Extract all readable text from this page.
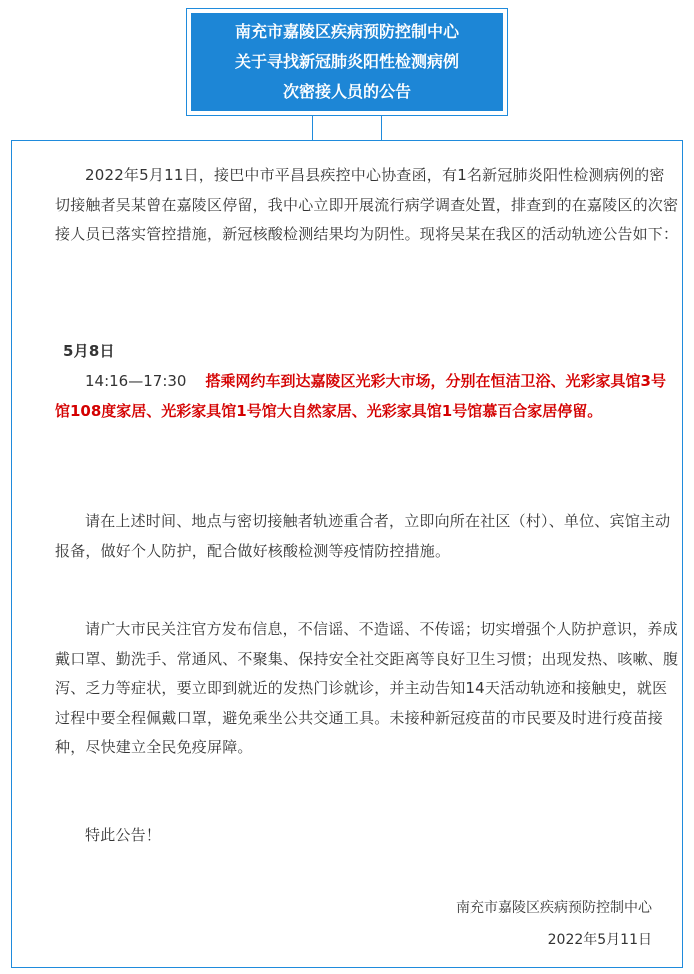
南充市嘉陵区疾病预防控制中心
关于寻找新冠肺炎阳性检测病例
次密接人员的公告
2022年5月11日，接巴中市平昌县疾控中心协查函，有1名新冠肺炎阳性检测病例的密切接触者吴某曾在嘉陵区停留，我中心立即开展流行病学调查处置，排查到的在嘉陵区的次密接人员已落实管控措施，新冠核酸检测结果均为阴性。现将吴某在我区的活动轨迹公告如下：
5月8日
14:16—17:30 搭乘网约车到达嘉陵区光彩大市场，分别在恒洁卫浴、光彩家具馆3号馆108度家居、光彩家具馆1号馆大自然家居、光彩家具馆1号馆慕百合家居停留。
请在上述时间、地点与密切接触者轨迹重合者，立即向所在社区（村）、单位、宾馆主动报备，做好个人防护，配合做好核酸检测等疫情防控措施。
请广大市民关注官方发布信息，不信谣、不造谣、不传谣；切实增强个人防护意识，养成戴口罩、勤洗手、常通风、不聚集、保持安全社交距离等良好卫生习惯；出现发热、咳嗽、腹泻、乏力等症状，要立即到就近的发热门诊就诊，并主动告知14天活动轨迹和接触史，就医过程中要全程佩戴口罩，避免乘坐公共交通工具。未接种新冠疫苗的市民要及时进行疫苗接种，尽快建立全民免疫屏障。
特此公告！
南充市嘉陵区疾病预防控制中心
2022年5月11日
